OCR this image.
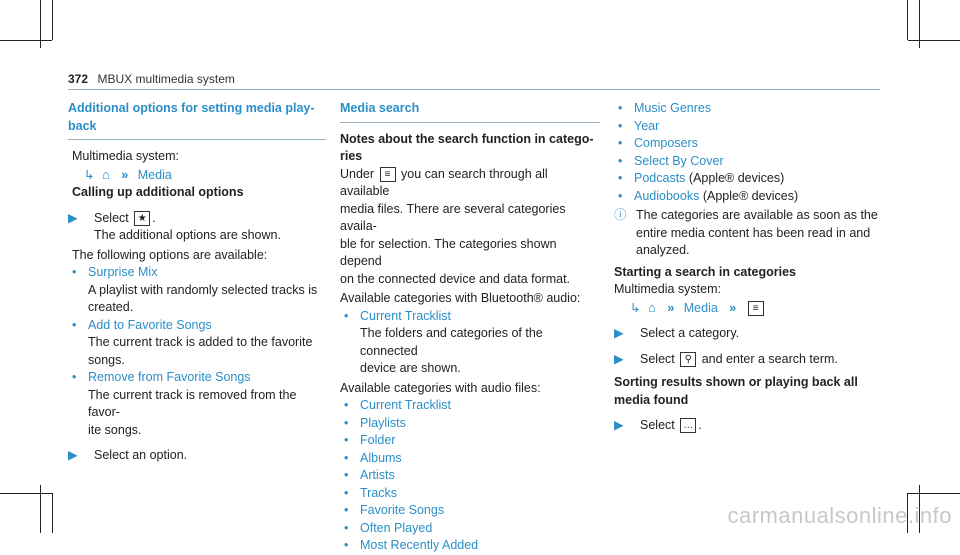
372 MBUX multimedia system
Additional options for setting media play-
back
Multimedia system:
↳ ⌂ » Media
Calling up additional options
▶ Select ★ .
The additional options are shown.
The following options are available:
• Surprise Mix
A playlist with randomly selected tracks is
created.
• Add to Favorite Songs
The current track is added to the favorite
songs.
• Remove from Favorite Songs
The current track is removed from the favor-
ite songs.
▶ Select an option.
Media search
Notes about the search function in catego-
ries
Under ≡ you can search through all available
media files. There are several categories availa-
ble for selection. The categories shown depend
on the connected device and data format.
Available categories with Bluetooth® audio:
• Current Tracklist
The folders and categories of the connected
device are shown.
Available categories with audio files:
• Current Tracklist
• Playlists
• Folder
• Albums
• Artists
• Tracks
• Favorite Songs
• Often Played
• Most Recently Added
• Music Genres
• Year
• Composers
• Select By Cover
• Podcasts (Apple® devices)
• Audiobooks (Apple® devices)
ⓘ The categories are available as soon as the
entire media content has been read in and
analyzed.
Starting a search in categories
Multimedia system:
↳ ⌂ » Media » ≡
▶ Select a category.
▶ Select ⚲ and enter a search term.
Sorting results shown or playing back all
media found
▶ Select … .
carmanualsonline.info
